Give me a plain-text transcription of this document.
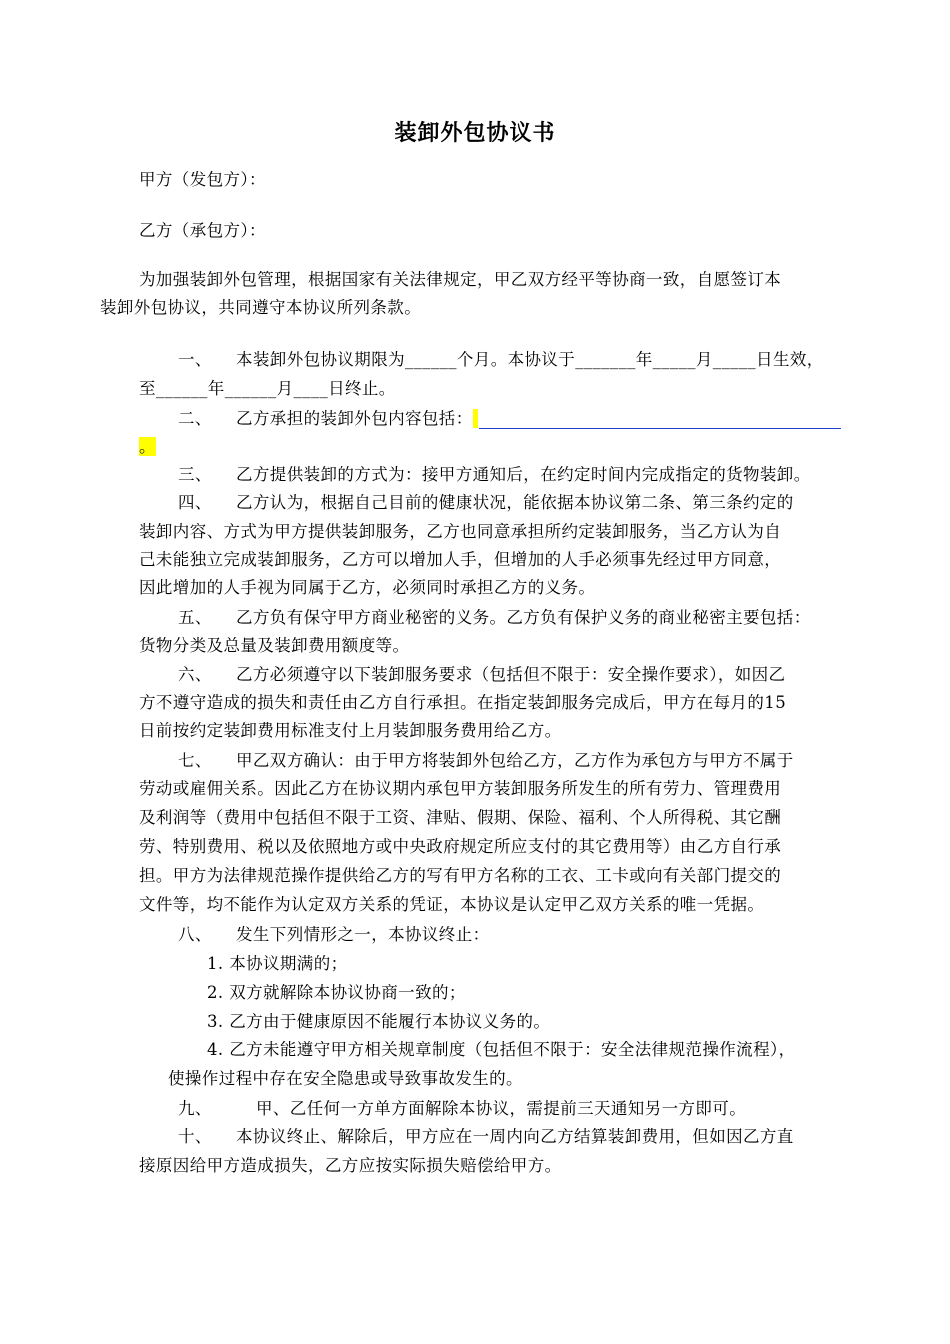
装卸外包协议书
甲方（发包方）：
乙方（承包方）：
为加强装卸外包管理，根据国家有关法律规定，甲乙双方经平等协商一致，自愿签订本
装卸外包协议，共同遵守本协议所列条款。
一、 本装卸外包协议期限为______个月。本协议于_______年_____月_____日生效，
至______年______月____日终止。
二、 乙方承担的装卸外包内容包括：
。
三、 乙方提供装卸的方式为：接甲方通知后，在约定时间内完成指定的货物装卸。
四、 乙方认为，根据自己目前的健康状况，能依据本协议第二条、第三条约定的
装卸内容、方式为甲方提供装卸服务，乙方也同意承担所约定装卸服务，当乙方认为自
己未能独立完成装卸服务，乙方可以增加人手，但增加的人手必须事先经过甲方同意，
因此增加的人手视为同属于乙方，必须同时承担乙方的义务。
五、 乙方负有保守甲方商业秘密的义务。乙方负有保护义务的商业秘密主要包括：
货物分类及总量及装卸费用额度等。
六、 乙方必须遵守以下装卸服务要求（包括但不限于：安全操作要求），如因乙
方不遵守造成的损失和责任由乙方自行承担。在指定装卸服务完成后，甲方在每月的15
日前按约定装卸费用标准支付上月装卸服务费用给乙方。
七、 甲乙双方确认：由于甲方将装卸外包给乙方，乙方作为承包方与甲方不属于
劳动或雇佣关系。因此乙方在协议期内承包甲方装卸服务所发生的所有劳力、管理费用
及利润等（费用中包括但不限于工资、津贴、假期、保险、福利、个人所得税、其它酬
劳、特别费用、税以及依照地方或中央政府规定所应支付的其它费用等）由乙方自行承
担。甲方为法律规范操作提供给乙方的写有甲方名称的工衣、工卡或向有关部门提交的
文件等，均不能作为认定双方关系的凭证，本协议是认定甲乙双方关系的唯一凭据。
八、 发生下列情形之一，本协议终止：
1. 本协议期满的；
2. 双方就解除本协议协商一致的；
3. 乙方由于健康原因不能履行本协议义务的。
4. 乙方未能遵守甲方相关规章制度（包括但不限于：安全法律规范操作流程），
使操作过程中存在安全隐患或导致事故发生的。
九、	甲、乙任何一方单方面解除本协议，需提前三天通知另一方即可。
十、 本协议终止、解除后，甲方应在一周内向乙方结算装卸费用，但如因乙方直
接原因给甲方造成损失，乙方应按实际损失赔偿给甲方。
